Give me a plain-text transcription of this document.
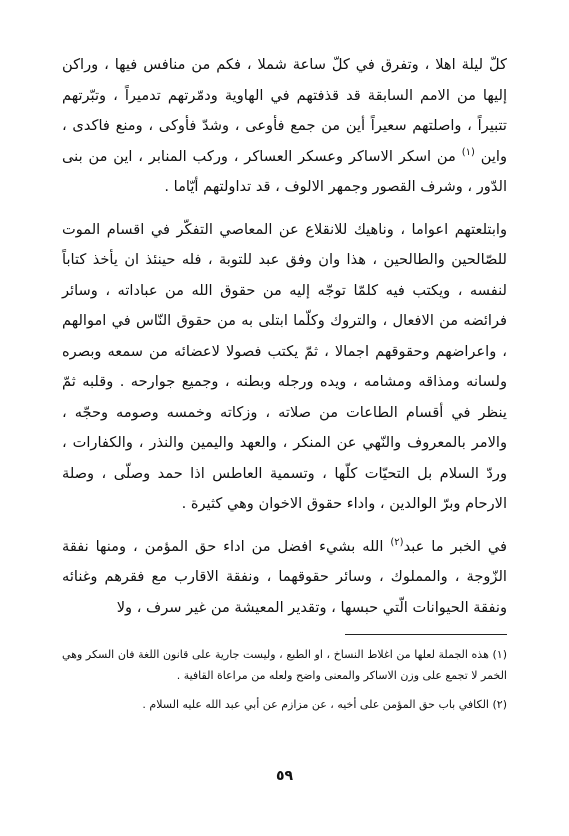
كلّ ليلة اهلا ، وتفرق في كلّ ساعة شملا ، فكم من منافس فيها ، وراكن إليها من الامم السابقة قد قذفتهم في الهاوية ودمّرتهم تدميراً ، وتبّرتهم تتبيراً ، واصلتهم سعيراً أين من جمع فأوعى ، وشدّ فأوكى ، ومنع فاكدى ، واين $^{(١)}$ من اسكر الاساكر وعسكر العساكر ، وركب المنابر ، اين من بنى الدّور ، وشرف القصور وجمهر الالوف ، قد تداولتهم أيّاما .

وابتلعتهم اعواما ، وناهيك للانقلاع عن المعاصي التفكّر في اقسام الموت للصّالحين والطالحين ، هذا وان وفق عبد للتوبة ، فله حينئذ ان يأخذ كتاباً لنفسه ، ويكتب فيه كلمّا توجّه إليه من حقوق الله من عباداته ، وسائر فرائضه من الافعال ، والتروك وكلّما ابتلى به من حقوق النّاس في اموالهم ، واعراضهم وحقوقهم اجمالا ، ثمّ يكتب فصولا لاعضائه من سمعه وبصره ولسانه ومذاقه ومشامه ، ويده ورجله وبطنه ، وجميع جوارحه . وقلبه ثمّ ينظر في أقسام الطاعات من صلاته ، وزكاته وخمسه وصومه وحجّه ، والامر بالمعروف والنّهي عن المنكر ، والعهد واليمين والنذر ، والكفارات ، وردّ السلام بل التحيّات كلّها ، وتسمية العاطس اذا حمد وصلّى ، وصلة الارحام وبرّ الوالدين ، واداء حقوق الاخوان وهي كثيرة .

في الخبر ما عبد$^{(٢)}$ الله بشيء افضل من اداء حق المؤمن ، ومنها نفقة الزّوجة ، والمملوك ، وسائر حقوقهما ، ونفقة الاقارب مع فقرهم وغنائه ونفقة الحيوانات الّتي حبسها ، وتقدير المعيشة من غير سرف ، ولا

(١) هذه الجملة لعلها من اغلاط النساخ ، او الطبع ، وليست جارية على قانون اللغة فان السكر وهي الخمر لا تجمع على وزن الاساكر والمعنى واضح ولعله من مراعاة القافية .

(٢) الكافي باب حق المؤمن على أخيه ، عن مزازم عن أبي عبد الله عليه السلام .

٥٩
